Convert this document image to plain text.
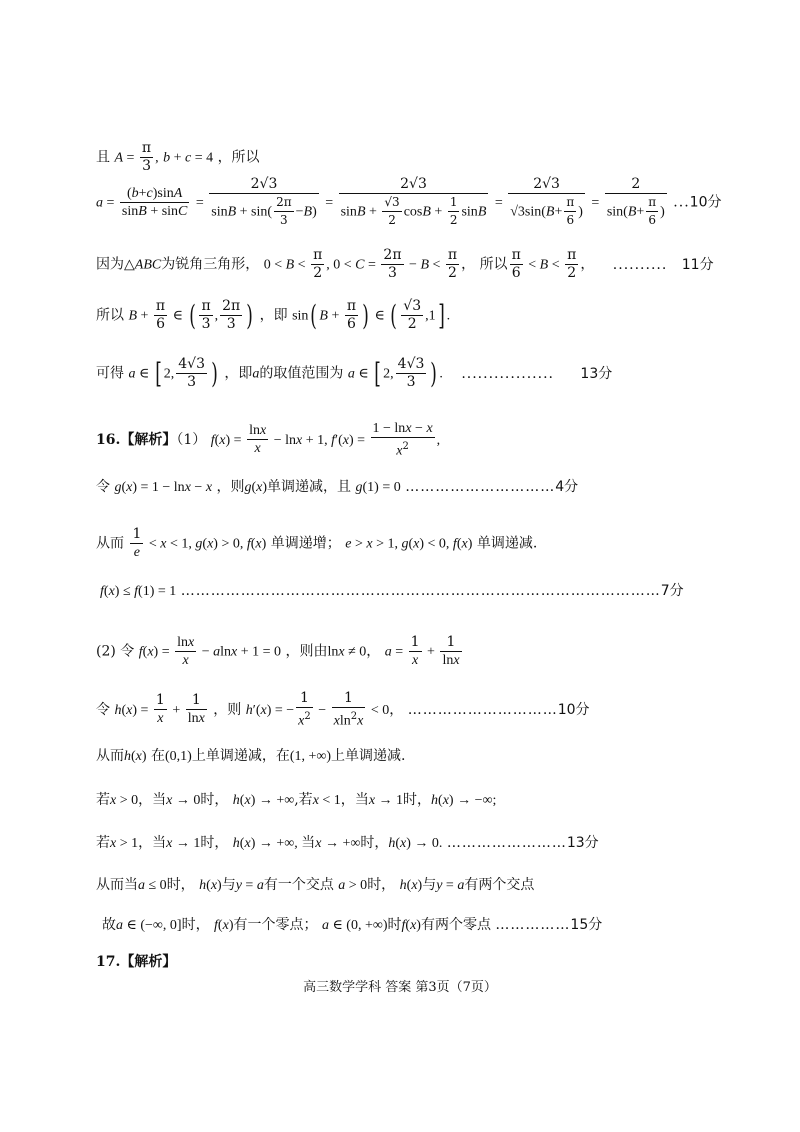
且 $A = \frac{\pi}{3}$ , b + c = 4 ，所以
$a = \frac{(b+c)\sin A}{\sin B + \sin C} = \frac{2√3}{\sin B + \sin( \frac{2\pi}{3} -B)} = \frac{2√3}{\sin B + \frac{√3}{2} \cos B + \frac{1}{2} \sin B} = \frac{2√3}{√3\sin(B+ \frac{\pi}{6} )} = \frac{2}{\sin(B+ \frac{\pi}{6} )} ...10$分
因为△ABC为锐角三角形， $0 < B < \frac{\pi}{2}$ , $0 < C = \frac{2\pi}{3} - B < \frac{\pi}{2}$ ， 所以 $\frac{\pi}{6} < B < \frac{\pi}{2}$ ， .......... 11分
所以 $B + \frac{\pi}{6}$ ∈ ( $\frac{\pi}{3}$ , $\frac{2\pi}{3}$ ) ，即 sin( $B + \frac{\pi}{6}$ ) ∈ ( $\frac{√3}{2} ,1$] .
可得 a ∈ [ 2, $\frac{4√3}{3}$ ) ，即a的取值范围为 a ∈ [ 2, $\frac{4√3}{3}$ ) . ................. 13分
16.【解析】（1） $f(x) = \frac{\ln x}{x} - \ln x + 1$, $f'(x) = \frac{1 - \ln x - x}{x^2}$ ,
令 g(x) = 1 − lnx − x ，则g(x)单调递减，且 g(1) = 0 …………………………4分
从而 $\frac{1}{e} < x < 1$, g(x) > 0, f(x) 单调递增； e > x > 1, g(x) < 0, f(x) 单调递减.
f(x) ≤ f(1) = 1 ……………………………………………………………………………………7分
(2) 令 $f(x) = \frac{\ln x}{x} - alnx + 1 = 0$ ，则由lnx ≠ 0， $a = \frac{1}{x} + \frac{1}{\ln x}$
令 $h(x) = \frac{1}{x} + \frac{1}{\ln x}$ ，则 h′(x) = − $\frac{1}{x^2} - \frac{1}{xln^2x} < 0$， …………………………10分
从而h(x) 在(0,1)上单调递减，在(1, +∞)上单调递减.
若x > 0，当x → 0时， h(x) → +∞,若x < 1，当x → 1时，h(x) → −∞;
若x > 1，当x → 1时， h(x) → +∞, 当x → +∞时，h(x) → 0. ……………………13分
从而当a ≤ 0时， h(x)与y = a有一个交点 a > 0时， h(x)与y = a有两个交点
故a ∈ (−∞, 0]时， f(x)有一个零点； a ∈ (0, +∞)时f(x)有两个零点 ……………15分
17.【解析】
高三数学学科 答案 第3页（7页）
